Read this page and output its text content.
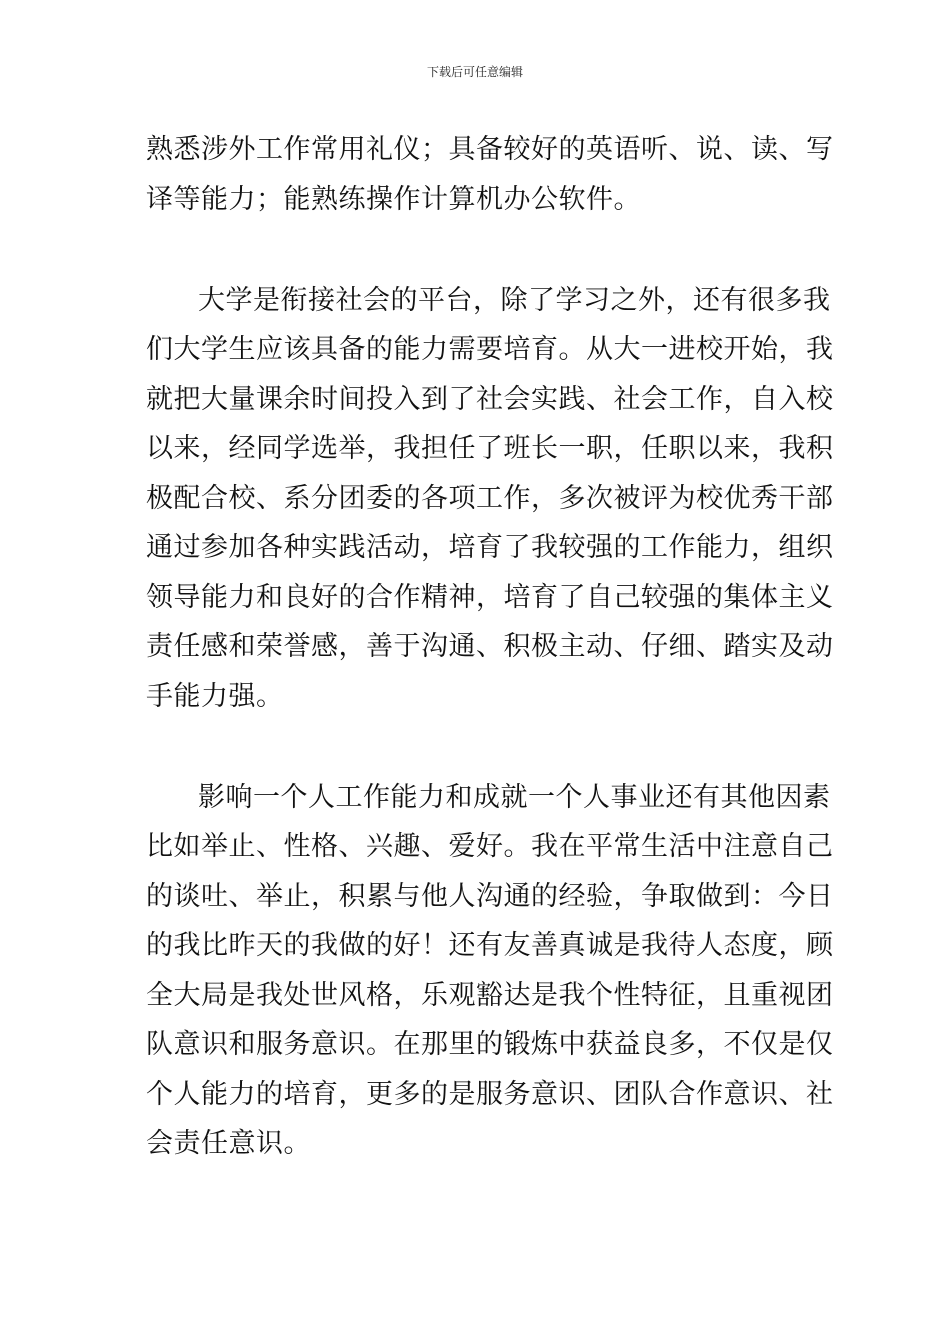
下载后可任意编辑
熟悉涉外工作常用礼仪；具备较好的英语听、说、读、写
译等能力；能熟练操作计算机办公软件。
大学是衔接社会的平台，除了学习之外，还有很多我
们大学生应该具备的能力需要培育。从大一进校开始，我
就把大量课余时间投入到了社会实践、社会工作，自入校
以来，经同学选举，我担任了班长一职，任职以来，我积
极配合校、系分团委的各项工作，多次被评为校优秀干部
通过参加各种实践活动，培育了我较强的工作能力，组织
领导能力和良好的合作精神，培育了自己较强的集体主义
责任感和荣誉感，善于沟通、积极主动、仔细、踏实及动
手能力强。
影响一个人工作能力和成就一个人事业还有其他因素
比如举止、性格、兴趣、爱好。我在平常生活中注意自己
的谈吐、举止，积累与他人沟通的经验，争取做到：今日
的我比昨天的我做的好！还有友善真诚是我待人态度，顾
全大局是我处世风格，乐观豁达是我个性特征，且重视团
队意识和服务意识。在那里的锻炼中获益良多，不仅是仅
个人能力的培育，更多的是服务意识、团队合作意识、社
会责任意识。
